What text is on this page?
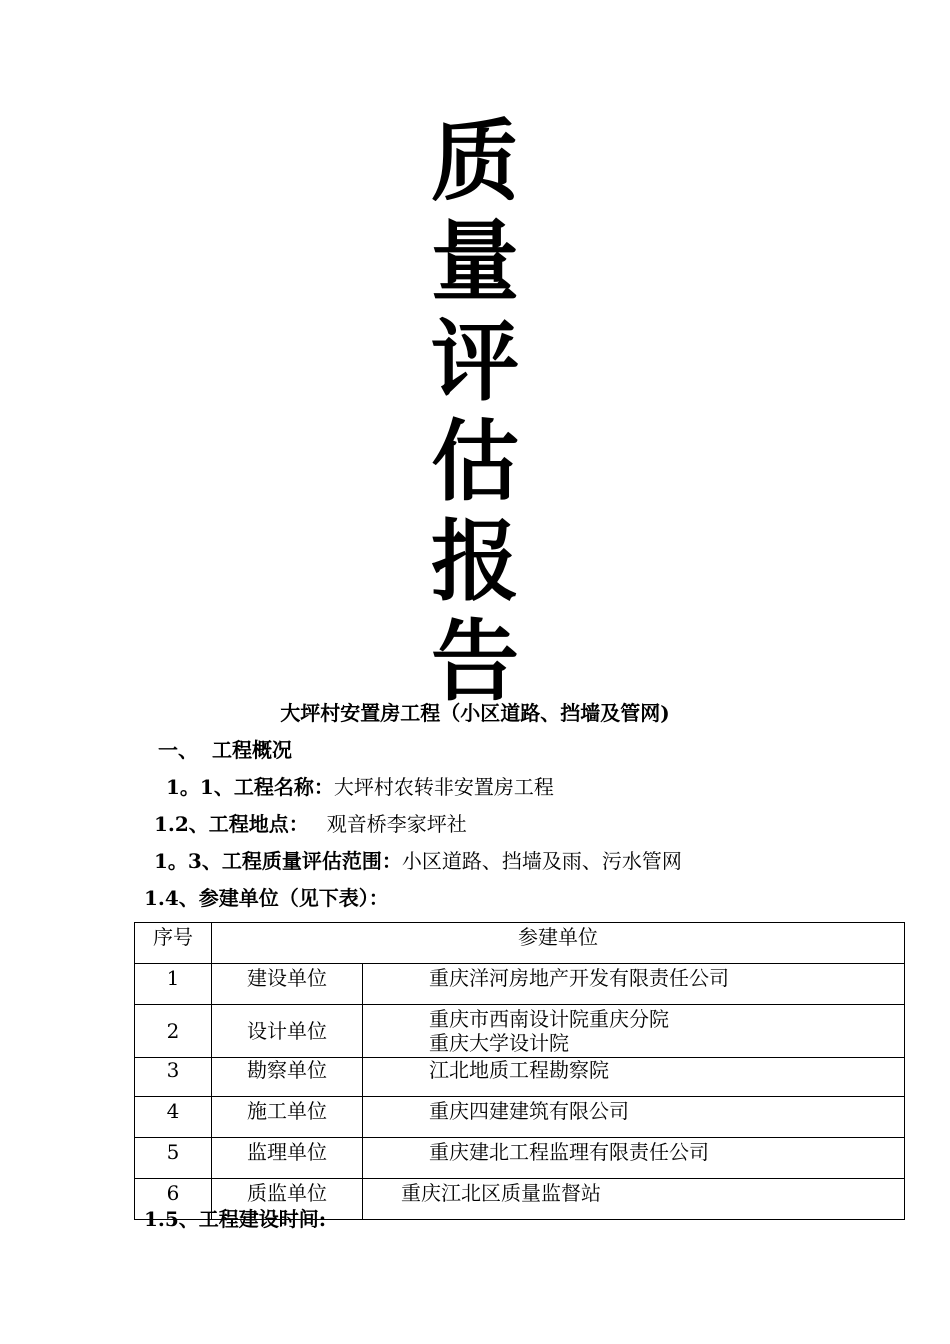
质
量
评
估
报
告
大坪村安置房工程（小区道路、挡墙及管网)
一、 工程概况
1。1、工程名称：大坪村农转非安置房工程
1.2、工程地点： 观音桥李家坪社
1。3、工程质量评估范围：小区道路、挡墙及雨、污水管网
1.4、参建单位（见下表）：
序号	参建单位	
1	建设单位	重庆洋河房地产开发有限责任公司
2	设计单位	重庆市西南设计院重庆分院
重庆大学设计院

3	勘察单位	江北地质工程勘察院
4	施工单位	重庆四建建筑有限公司
5	监理单位	重庆建北工程监理有限责任公司
6	质监单位	重庆江北区质量监督站
1.5、工程建设时间:
